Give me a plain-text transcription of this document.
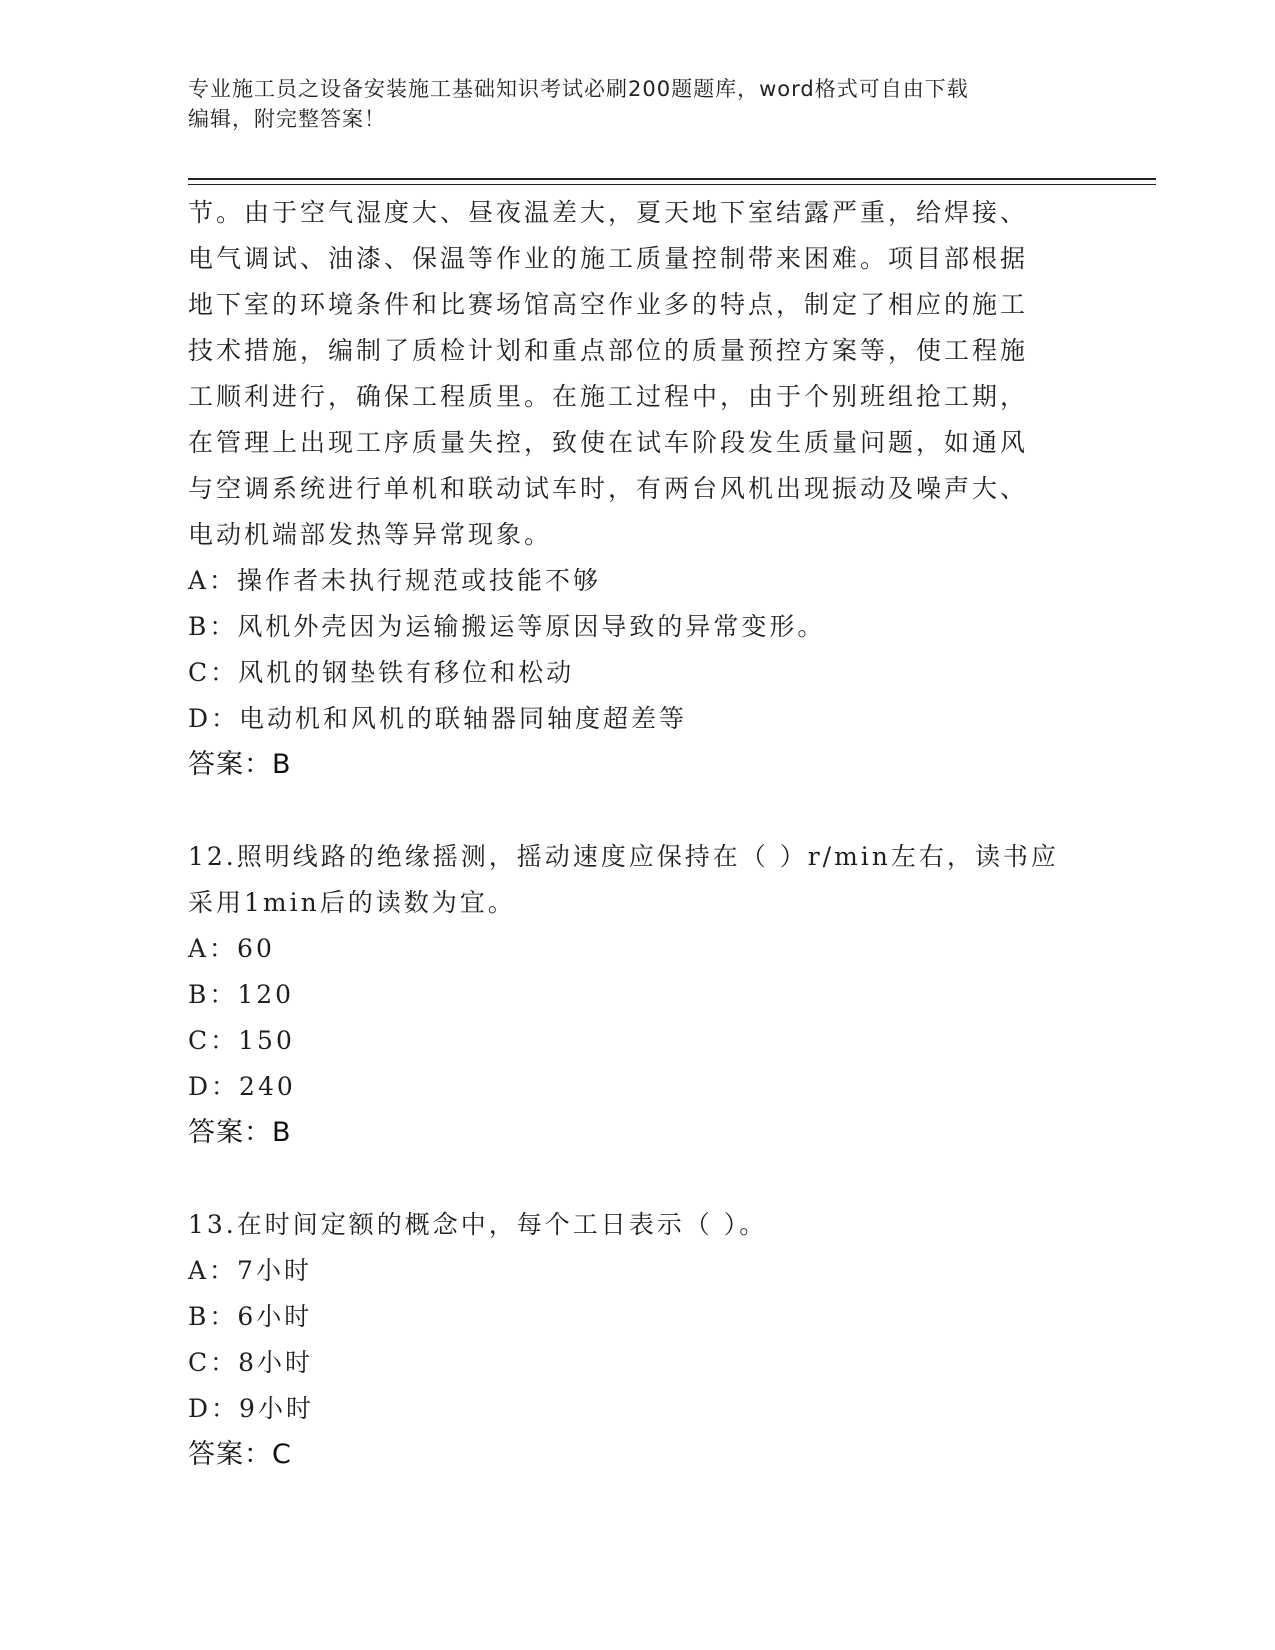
专业施工员之设备安装施工基础知识考试必刷200题题库，word格式可自由下载
编辑，附完整答案！
节。由于空气湿度大、昼夜温差大，夏天地下室结露严重，给焊接、
电气调试、油漆、保温等作业的施工质量控制带来困难。项目部根据
地下室的环境条件和比赛场馆高空作业多的特点，制定了相应的施工
技术措施，编制了质检计划和重点部位的质量预控方案等，使工程施
工顺利进行，确保工程质里。在施工过程中，由于个别班组抢工期，
在管理上出现工序质量失控，致使在试车阶段发生质量问题，如通风
与空调系统进行单机和联动试车时，有两台风机出现振动及噪声大、
电动机端部发热等异常现象。
A：操作者未执行规范或技能不够
B：风机外壳因为运输搬运等原因导致的异常变形。
C：风机的钢垫铁有移位和松动
D：电动机和风机的联轴器同轴度超差等
答案：B
12.照明线路的绝缘摇测，摇动速度应保持在（ ）r/min左右，读书应
采用1min后的读数为宜。
A：60
B：120
C：150
D：240
答案：B
13.在时间定额的概念中，每个工日表示（ ）。
A：7小时
B：6小时
C：8小时
D：9小时
答案：C
